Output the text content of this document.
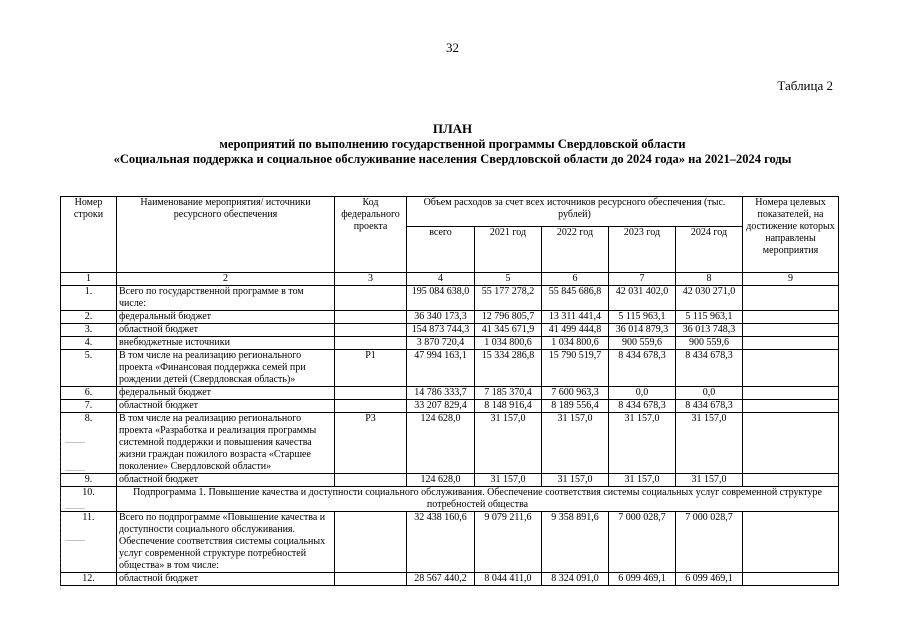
32
Таблица 2
ПЛАН
мероприятий по выполнению государственной программы Свердловской области
«Социальная поддержка и социальное обслуживание населения Свердловской области до 2024 года» на 2021–2024 годы
Номер строки	Наименование мероприятия/ источники ресурсного обеспечения	Код федерального проекта	Объем расходов за счет всех источников ресурсного обеспечения (тыс. рублей)					Номера целевых показателей, на достижение которых направлены мероприятия
			всего	2021 год	2022 год	2023 год	2024 год	
1	2	3	4	5	6	7	8	9
1.	Всего по государственной программе в том числе:		195 084 638,0	55 177 278,2	55 845 686,8	42 031 402,0	42 030 271,0	
2.	федеральный бюджет		36 340 173,3	12 796 805,7	13 311 441,4	5 115 963,1	5 115 963,1	
3.	областной бюджет		154 873 744,3	41 345 671,9	41 499 444,8	36 014 879,3	36 013 748,3	
4.	внебюджетные источники		3 870 720,4	1 034 800,6	1 034 800,6	900 559,6	900 559,6	
5.	В том числе на реализацию регионального проекта «Финансовая поддержка семей при рождении детей (Свердловская область)»	Р1	47 994 163,1	15 334 286,8	15 790 519,7	8 434 678,3	8 434 678,3	
6.	федеральный бюджет		14 786 333,7	7 185 370,4	7 600 963,3	0,0	0,0	
7.	областной бюджет		33 207 829,4	8 148 916,4	8 189 556,4	8 434 678,3	8 434 678,3	
8.	В том числе на реализацию регионального проекта «Разработка и реализация программы системной поддержки и повышения качества жизни граждан пожилого возраста «Старшее поколение» Свердловской области»	Р3	124 628,0	31 157,0	31 157,0	31 157,0	31 157,0	
9.	областной бюджет		124 628,0	31 157,0	31 157,0	31 157,0	31 157,0	
10.	Подпрограмма 1. Повышение качества и доступности социального обслуживания. Обеспечение соответствия системы социальных услуг современной структуре потребностей общества							
11.	Всего по подпрограмме «Повышение качества и доступности социального обслуживания. Обеспечение соответствия системы социальных услуг современной структуре потребностей общества» в том числе:		32 438 160,6	9 079 211,6	9 358 891,6	7 000 028,7	7 000 028,7	
12.	областной бюджет		28 567 440,2	8 044 411,0	8 324 091,0	6 099 469,1	6 099 469,1	
